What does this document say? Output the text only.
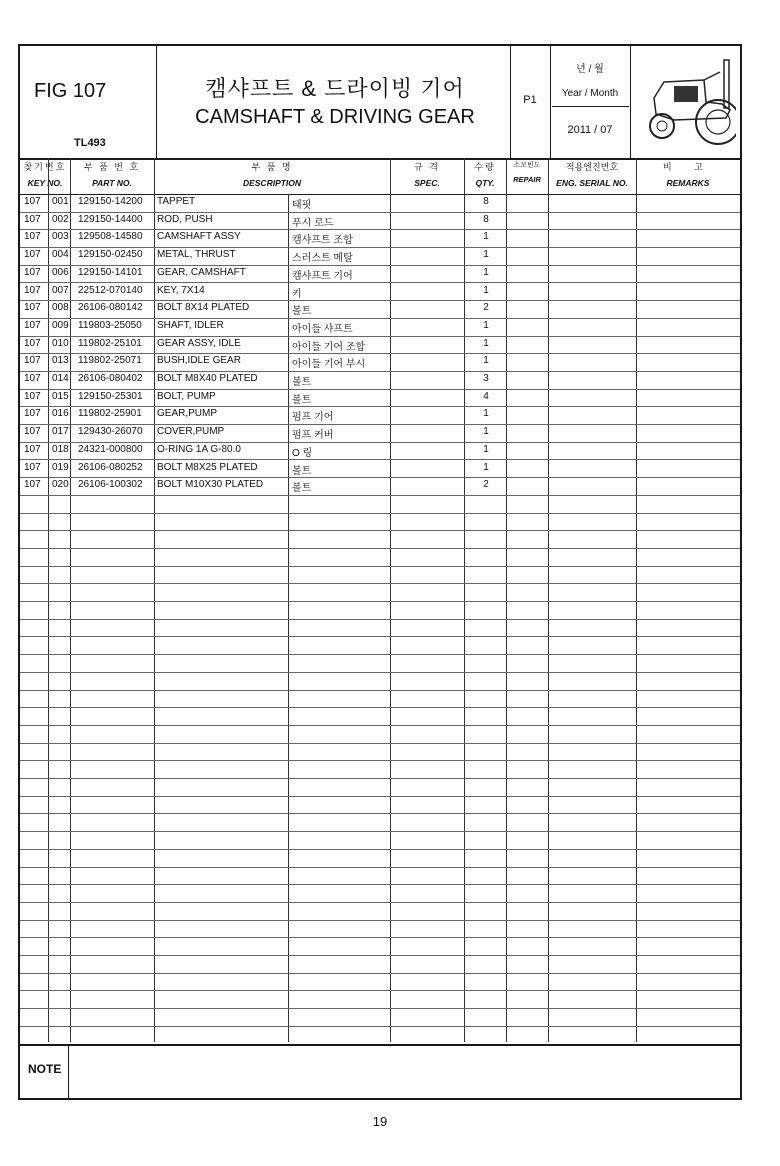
FIG 107
TL493
캠샤프트 & 드라이빙 기어
CAMSHAFT & DRIVING GEAR
P1
년 / 월
Year / Month
2011 / 07
찾기번호
KEY NO.
부 품 번 호
PART NO.
부 품 명
DESCRIPTION
규 격
SPEC.
수량
QTY.
소모빈도
REPAIR
적용엔진번호
ENG. SERIAL NO.
비 고
REMARKS
107	001 129150-14200	TAPPET	태핏	8
107	002 129150-14400	ROD, PUSH	푸시 로드	8
107	003 129508-14580	CAMSHAFT ASSY	캠샤프트 조합	1
107	004 129150-02450	METAL, THRUST	스러스트 메탈	1
107	006 129150-14101	GEAR, CAMSHAFT	캠샤프트 기어	1
107	007 22512-070140	KEY, 7X14	키	1
107	008 26106-080142	BOLT 8X14 PLATED	볼트	2
107	009 119803-25050	SHAFT, IDLER	아이들 샤프트	1
107	010 119802-25101	GEAR ASSY, IDLE	아이들 기어 조합	1
107	013 119802-25071	BUSH,IDLE GEAR	아이들 기어 부시	1
107	014 26106-080402	BOLT M8X40 PLATED	볼트	3
107	015 129150-25301	BOLT, PUMP	볼트	4
107	016 119802-25901	GEAR,PUMP	펌프 기어	1
107	017 129430-26070	COVER,PUMP	펌프 커버	1
107	018 24321-000800	O-RING 1A G-80.0	O 링	1
107	019 26106-080252	BOLT M8X25 PLATED	볼트	1
107	020 26106-100302	BOLT M10X30 PLATED	볼트	2
NOTE
19
